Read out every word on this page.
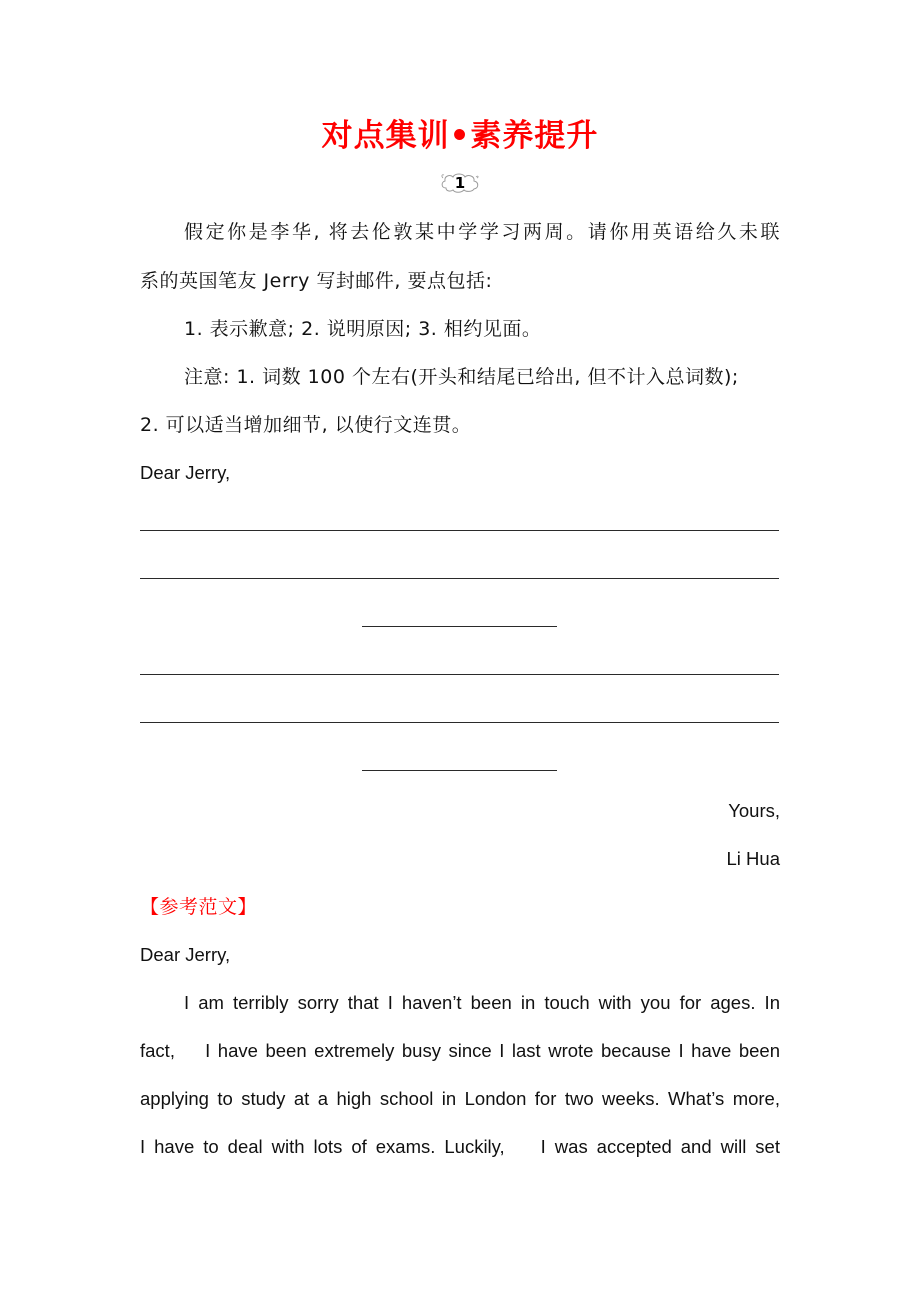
对点集训•素养提升
1
假定你是李华, 将去伦敦某中学学习两周。请你用英语给久未联
系的英国笔友 Jerry 写封邮件, 要点包括:
1. 表示歉意; 2. 说明原因; 3. 相约见面。
注意: 1. 词数 100 个左右(开头和结尾已给出, 但不计入总词数);
2. 可以适当增加细节, 以使行文连贯。
Dear Jerry,
Yours,
Li Hua
【参考范文】
Dear Jerry,
I am terribly sorry that I haven’t been in touch with you for ages. In
fact,    I have been extremely busy since I last wrote because I have been
applying to study at a high school in London for two weeks. What’s more,
I have to deal with lots of exams. Luckily,    I was accepted and will set
